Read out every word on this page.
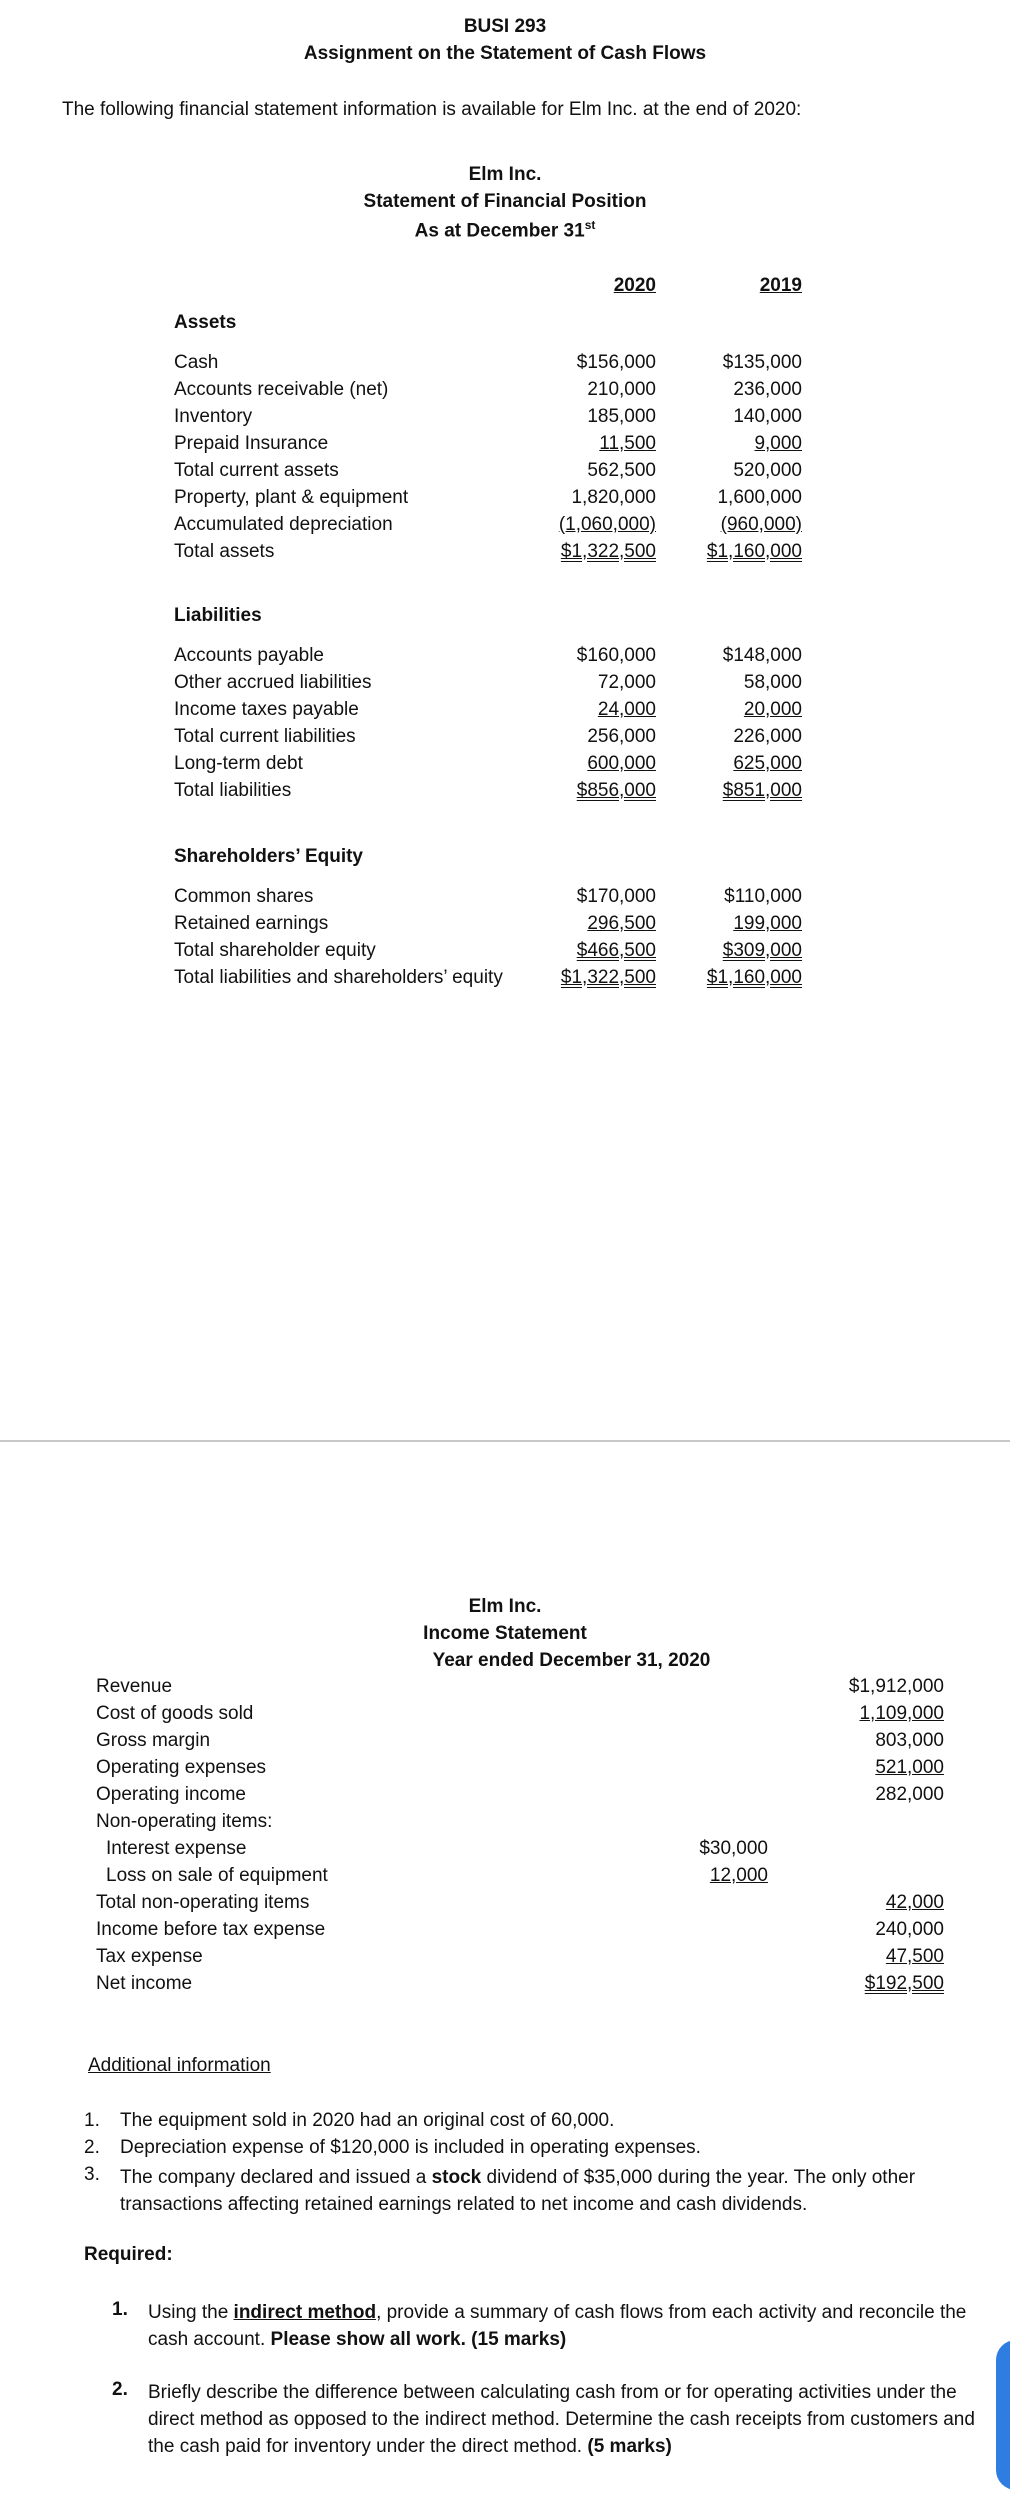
BUSI 293
Assignment on the Statement of Cash Flows
The following financial statement information is available for Elm Inc. at the end of 2020:
Elm Inc.
Statement of Financial Position
As at December 31st
2020	2019
Assets
Cash	$156,000	$135,000
Accounts receivable (net)	210,000	236,000
Inventory	185,000	140,000
Prepaid Insurance	11,500	9,000
Total current assets	562,500	520,000
Property, plant & equipment	1,820,000	1,600,000
Accumulated depreciation	(1,060,000)	(960,000)
Total assets	$1,322,500	$1,160,000
Liabilities
Accounts payable	$160,000	$148,000
Other accrued liabilities	72,000	58,000
Income taxes payable	24,000	20,000
Total current liabilities	256,000	226,000
Long-term debt	600,000	625,000
Total liabilities	$856,000	$851,000
Shareholders’ Equity
Common shares	$170,000	$110,000
Retained earnings	296,500	199,000
Total shareholder equity	$466,500	$309,000
Total liabilities and shareholders’ equity	$1,322,500	$1,160,000
Elm Inc.
Income Statement
Year ended December 31, 2020
Revenue	$1,912,000
Cost of goods sold	1,109,000
Gross margin	803,000
Operating expenses	521,000
Operating income	282,000
Non-operating items:
Interest expense	$30,000
Loss on sale of equipment	12,000
Total non-operating items	42,000
Income before tax expense	240,000
Tax expense	47,500
Net income	$192,500
Additional information
1. The equipment sold in 2020 had an original cost of 60,000.
2. Depreciation expense of $120,000 is included in operating expenses.
3. The company declared and issued a stock dividend of $35,000 during the year. The only other transactions affecting retained earnings related to net income and cash dividends.
Required:
1. Using the indirect method, provide a summary of cash flows from each activity and reconcile the cash account. Please show all work. (15 marks)
2. Briefly describe the difference between calculating cash from or for operating activities under the direct method as opposed to the indirect method. Determine the cash receipts from customers and the cash paid for inventory under the direct method. (5 marks)
